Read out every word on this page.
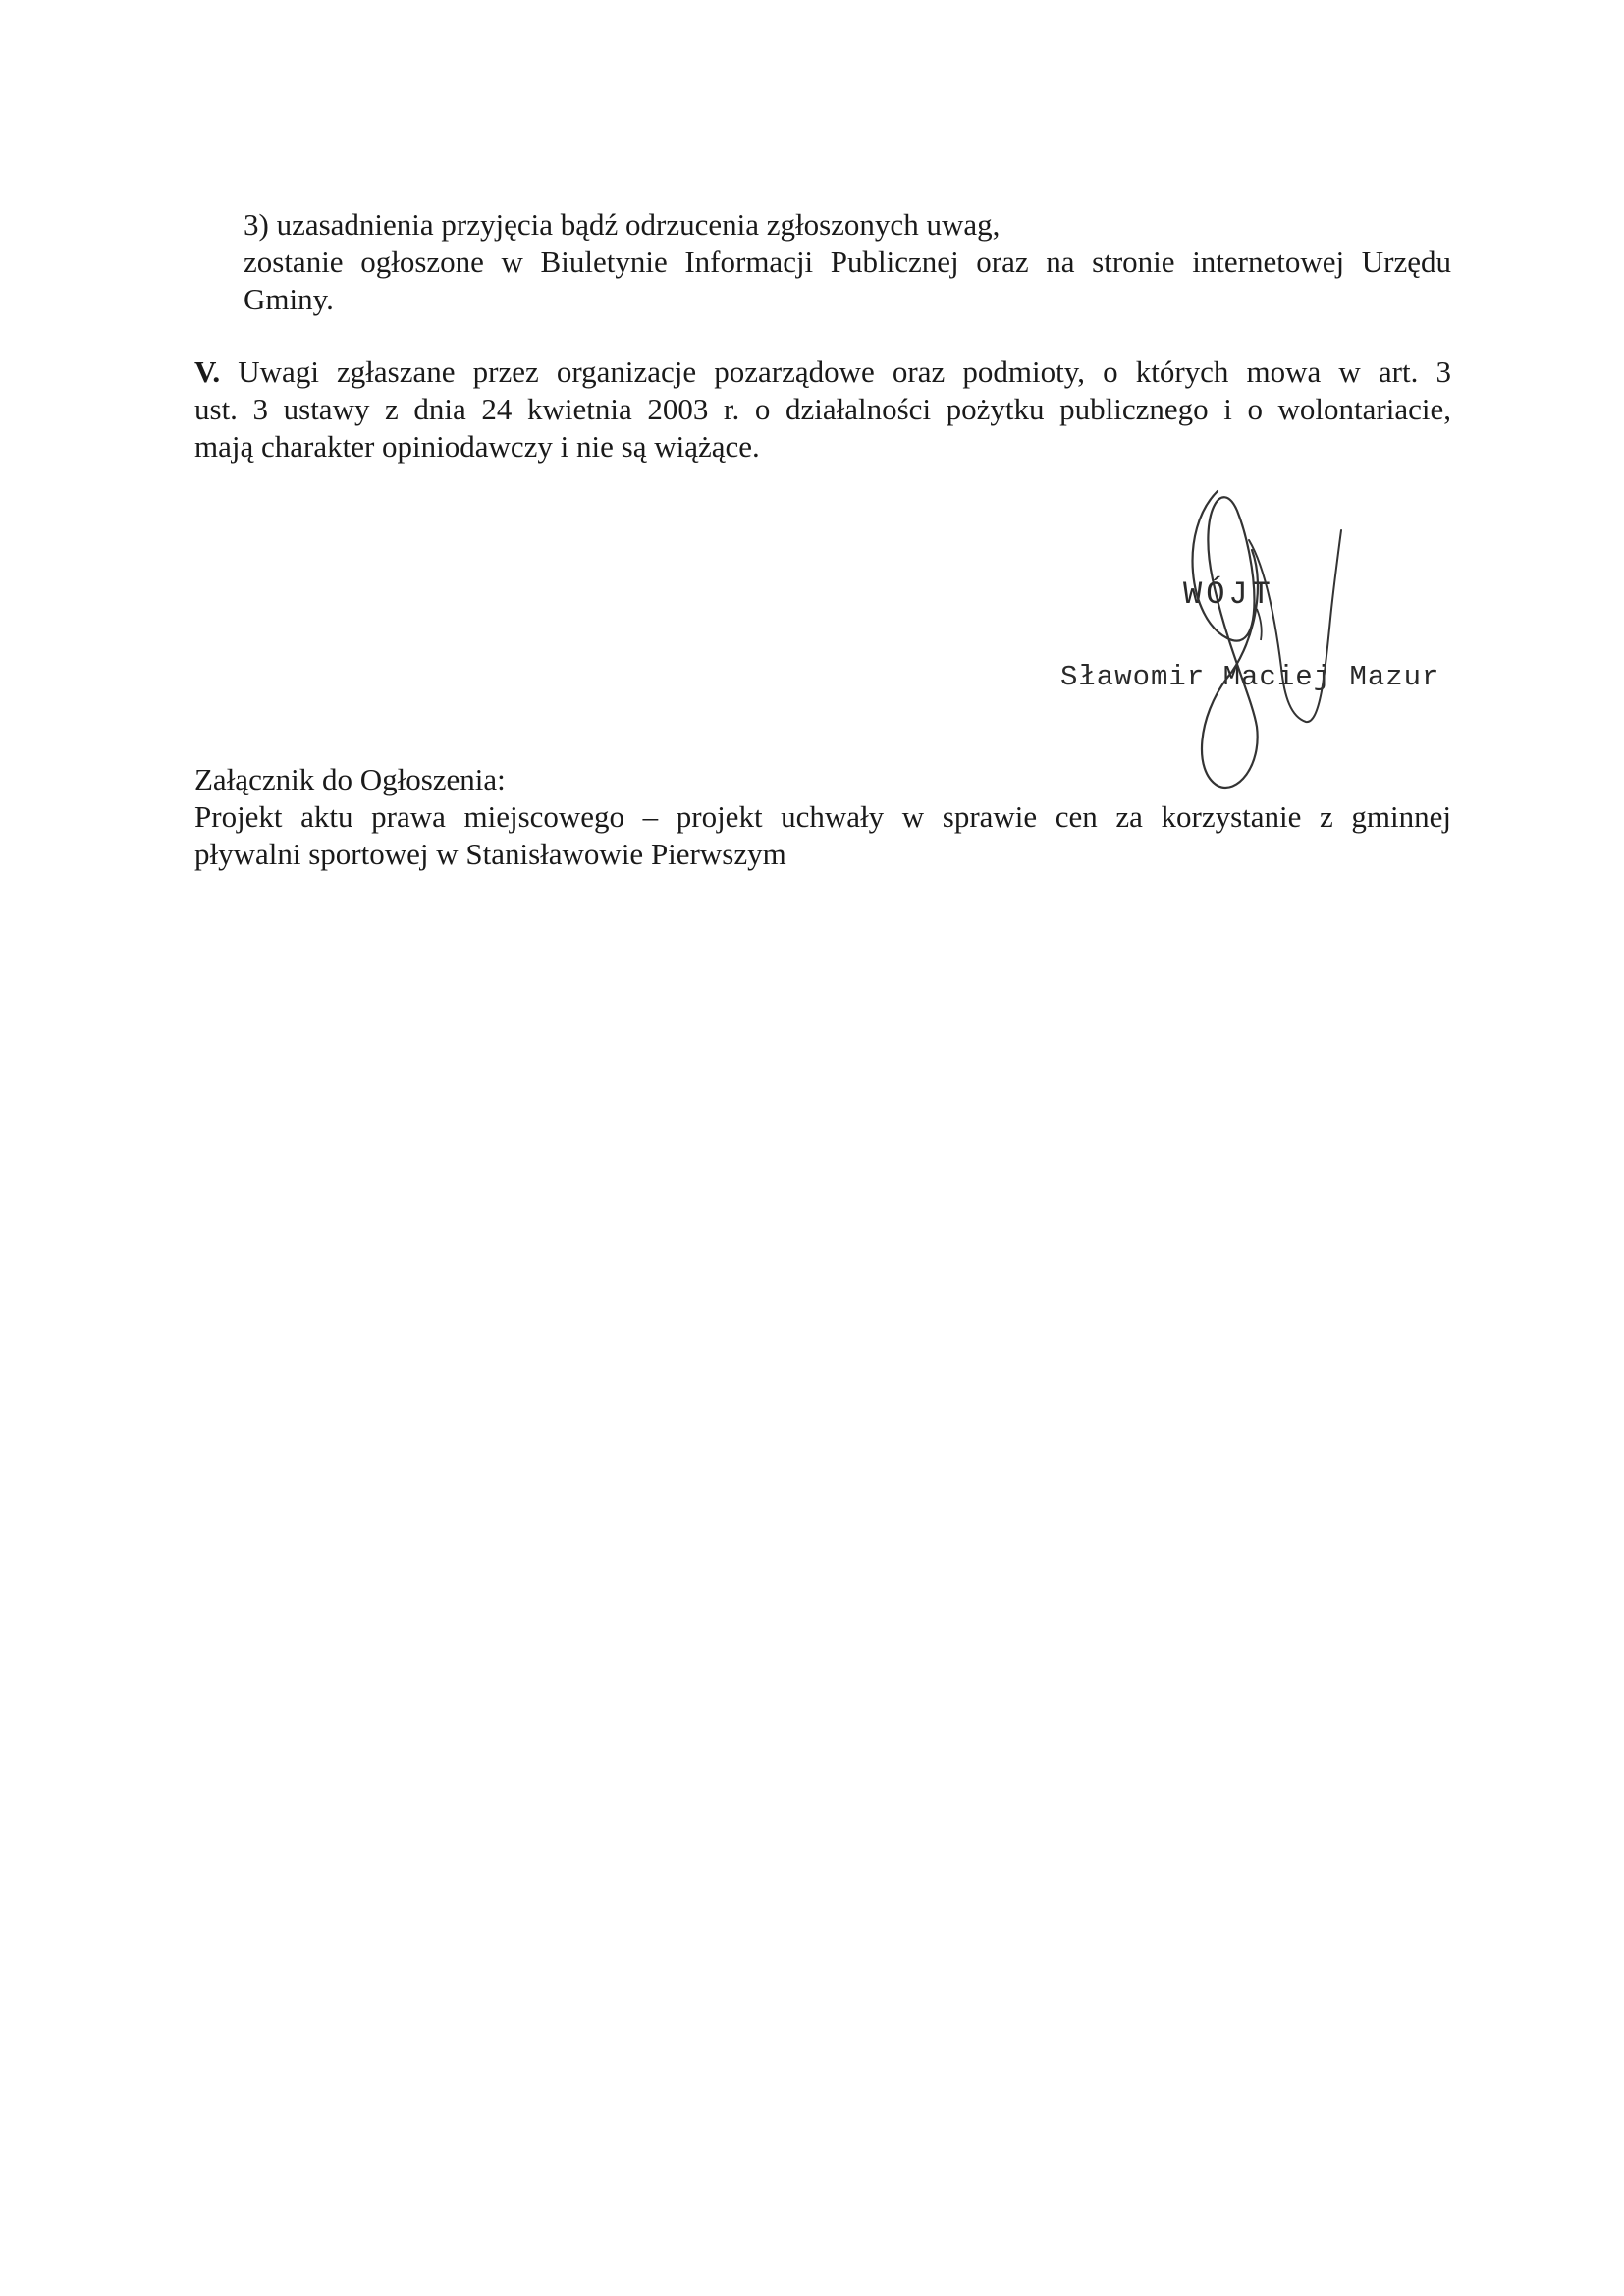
3) uzasadnienia przyjęcia bądź odrzucenia zgłoszonych uwag,
zostanie ogłoszone w Biuletynie Informacji Publicznej oraz na stronie internetowej Urzędu
Gminy.
V. Uwagi zgłaszane przez organizacje pozarządowe oraz podmioty, o których mowa w art. 3
ust. 3 ustawy z dnia 24 kwietnia 2003 r. o działalności pożytku publicznego i o wolontariacie,
mają charakter opiniodawczy i nie są wiążące.
WÓJT
Sławomir Maciej Mazur
Załącznik do Ogłoszenia:
Projekt aktu prawa miejscowego – projekt uchwały w sprawie cen za korzystanie z gminnej
pływalni sportowej w Stanisławowie Pierwszym
